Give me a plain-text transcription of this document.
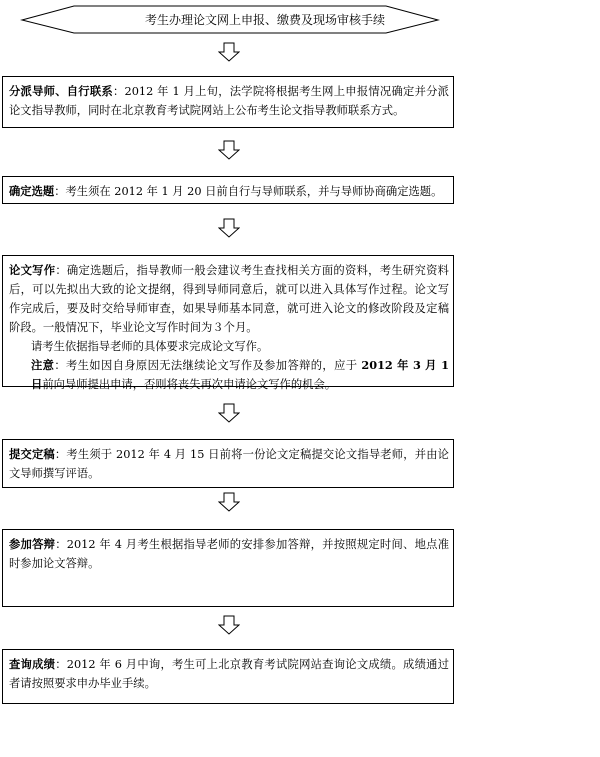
考生办理论文网上申报、缴费及现场审核手续
分派导师、自行联系：2012 年 1 月上旬，法学院将根据考生网上申报情况确定并分派论文指导教师，同时在北京教育考试院网站上公布考生论文指导教师联系方式。
确定选题：考生须在 2012 年 1 月 20 日前自行与导师联系，并与导师协商确定选题。
论文写作：确定选题后，指导教师一般会建议考生查找相关方面的资料，考生研究资料后，可以先拟出大致的论文提纲，得到导师同意后，就可以进入具体写作过程。论文写作完成后，要及时交给导师审查，如果导师基本同意，就可进入论文的修改阶段及定稿阶段。一般情况下，毕业论文写作时间为３个月。
请考生依据指导老师的具体要求完成论文写作。
注意：考生如因自身原因无法继续论文写作及参加答辩的，应于 2012 年 3 月 1 日前向导师提出申请，否则将丧失再次申请论文写作的机会。
提交定稿：考生须于 2012 年 4 月 15 日前将一份论文定稿提交论文指导老师，并由论文导师撰写评语。
参加答辩：2012 年 4 月考生根据指导老师的安排参加答辩，并按照规定时间、地点准时参加论文答辩。
查询成绩：2012 年 6 月中询，考生可上北京教育考试院网站查询论文成绩。成绩通过者请按照要求申办毕业手续。
